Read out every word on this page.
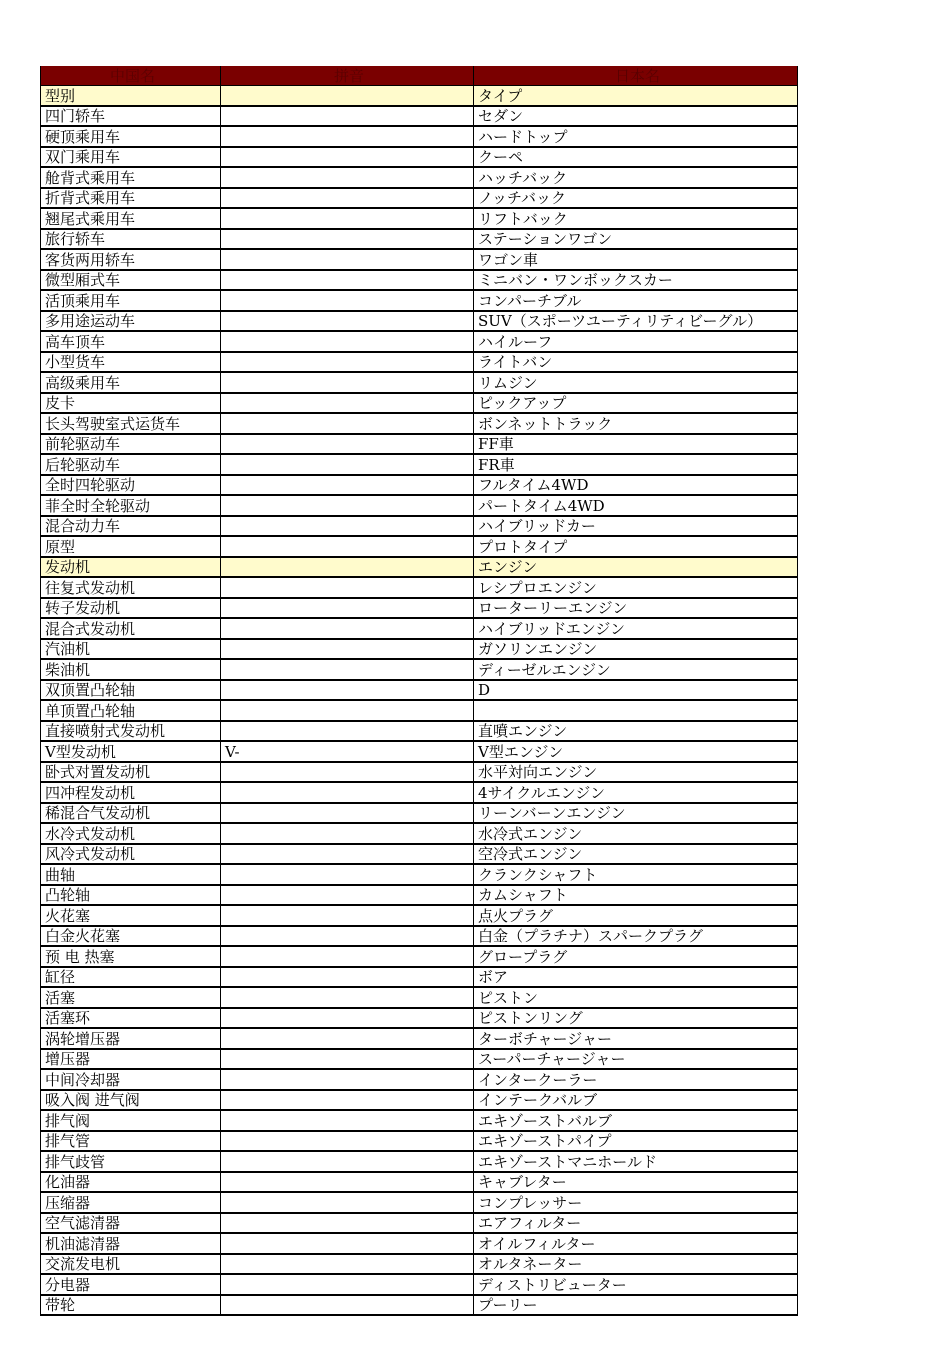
中国名	拼音	日本名
型别		タイプ
四门轿车		セダン
硬顶乘用车		ハードトップ
双门乘用车		クーペ
舱背式乘用车		ハッチバック
折背式乘用车		ノッチバック
翘尾式乘用车		リフトバック
旅行轿车		ステーションワゴン
客货两用轿车		ワゴン車
微型厢式车		ミニバン・ワンボックスカー
活顶乘用车		コンパーチブル
多用途运动车		SUV（スポーツユーティリティビーグル）
高车顶车		ハイルーフ
小型货车		ライトバン
高级乘用车		リムジン
皮卡		ピックアップ
长头驾驶室式运货车		ボンネットトラック
前轮驱动车		FF車
后轮驱动车		FR車
全时四轮驱动		フルタイム4WD
菲全时全轮驱动		パートタイム4WD
混合动力车		ハイブリッドカー
原型		プロトタイプ
发动机		エンジン
往复式发动机		レシプロエンジン
转子发动机		ローターリーエンジン
混合式发动机		ハイブリッドエンジン
汽油机		ガソリンエンジン
柴油机		ディーゼルエンジン
双顶置凸轮轴		D
单顶置凸轮轴		
直接喷射式发动机		直噴エンジン
V型发动机	V-	V型エンジン
卧式对置发动机		水平対向エンジン
四冲程发动机		4サイクルエンジン
稀混合气发动机		リーンバーンエンジン
水冷式发动机		水冷式エンジン
风冷式发动机		空冷式エンジン
曲轴		クランクシャフト
凸轮轴		カムシャフト
火花塞		点火プラグ
白金火花塞		白金（プラチナ）スパークプラグ
预 电 热塞		グロープラグ
缸径		ボア
活塞		ピストン
活塞环		ピストンリング
涡轮增压器		ターボチャージャー
增压器		スーパーチャージャー
中间冷却器		インタークーラー
吸入阀 进气阀		インテークバルブ
排气阀		エキゾーストバルブ
排气管		エキゾーストパイプ
排气歧管		エキゾーストマニホールド
化油器		キャブレター
压缩器		コンプレッサー
空气滤清器		エアフィルター
机油滤清器		オイルフィルター
交流发电机		オルタネーター
分电器		ディストリビューター
带轮		プーリー
